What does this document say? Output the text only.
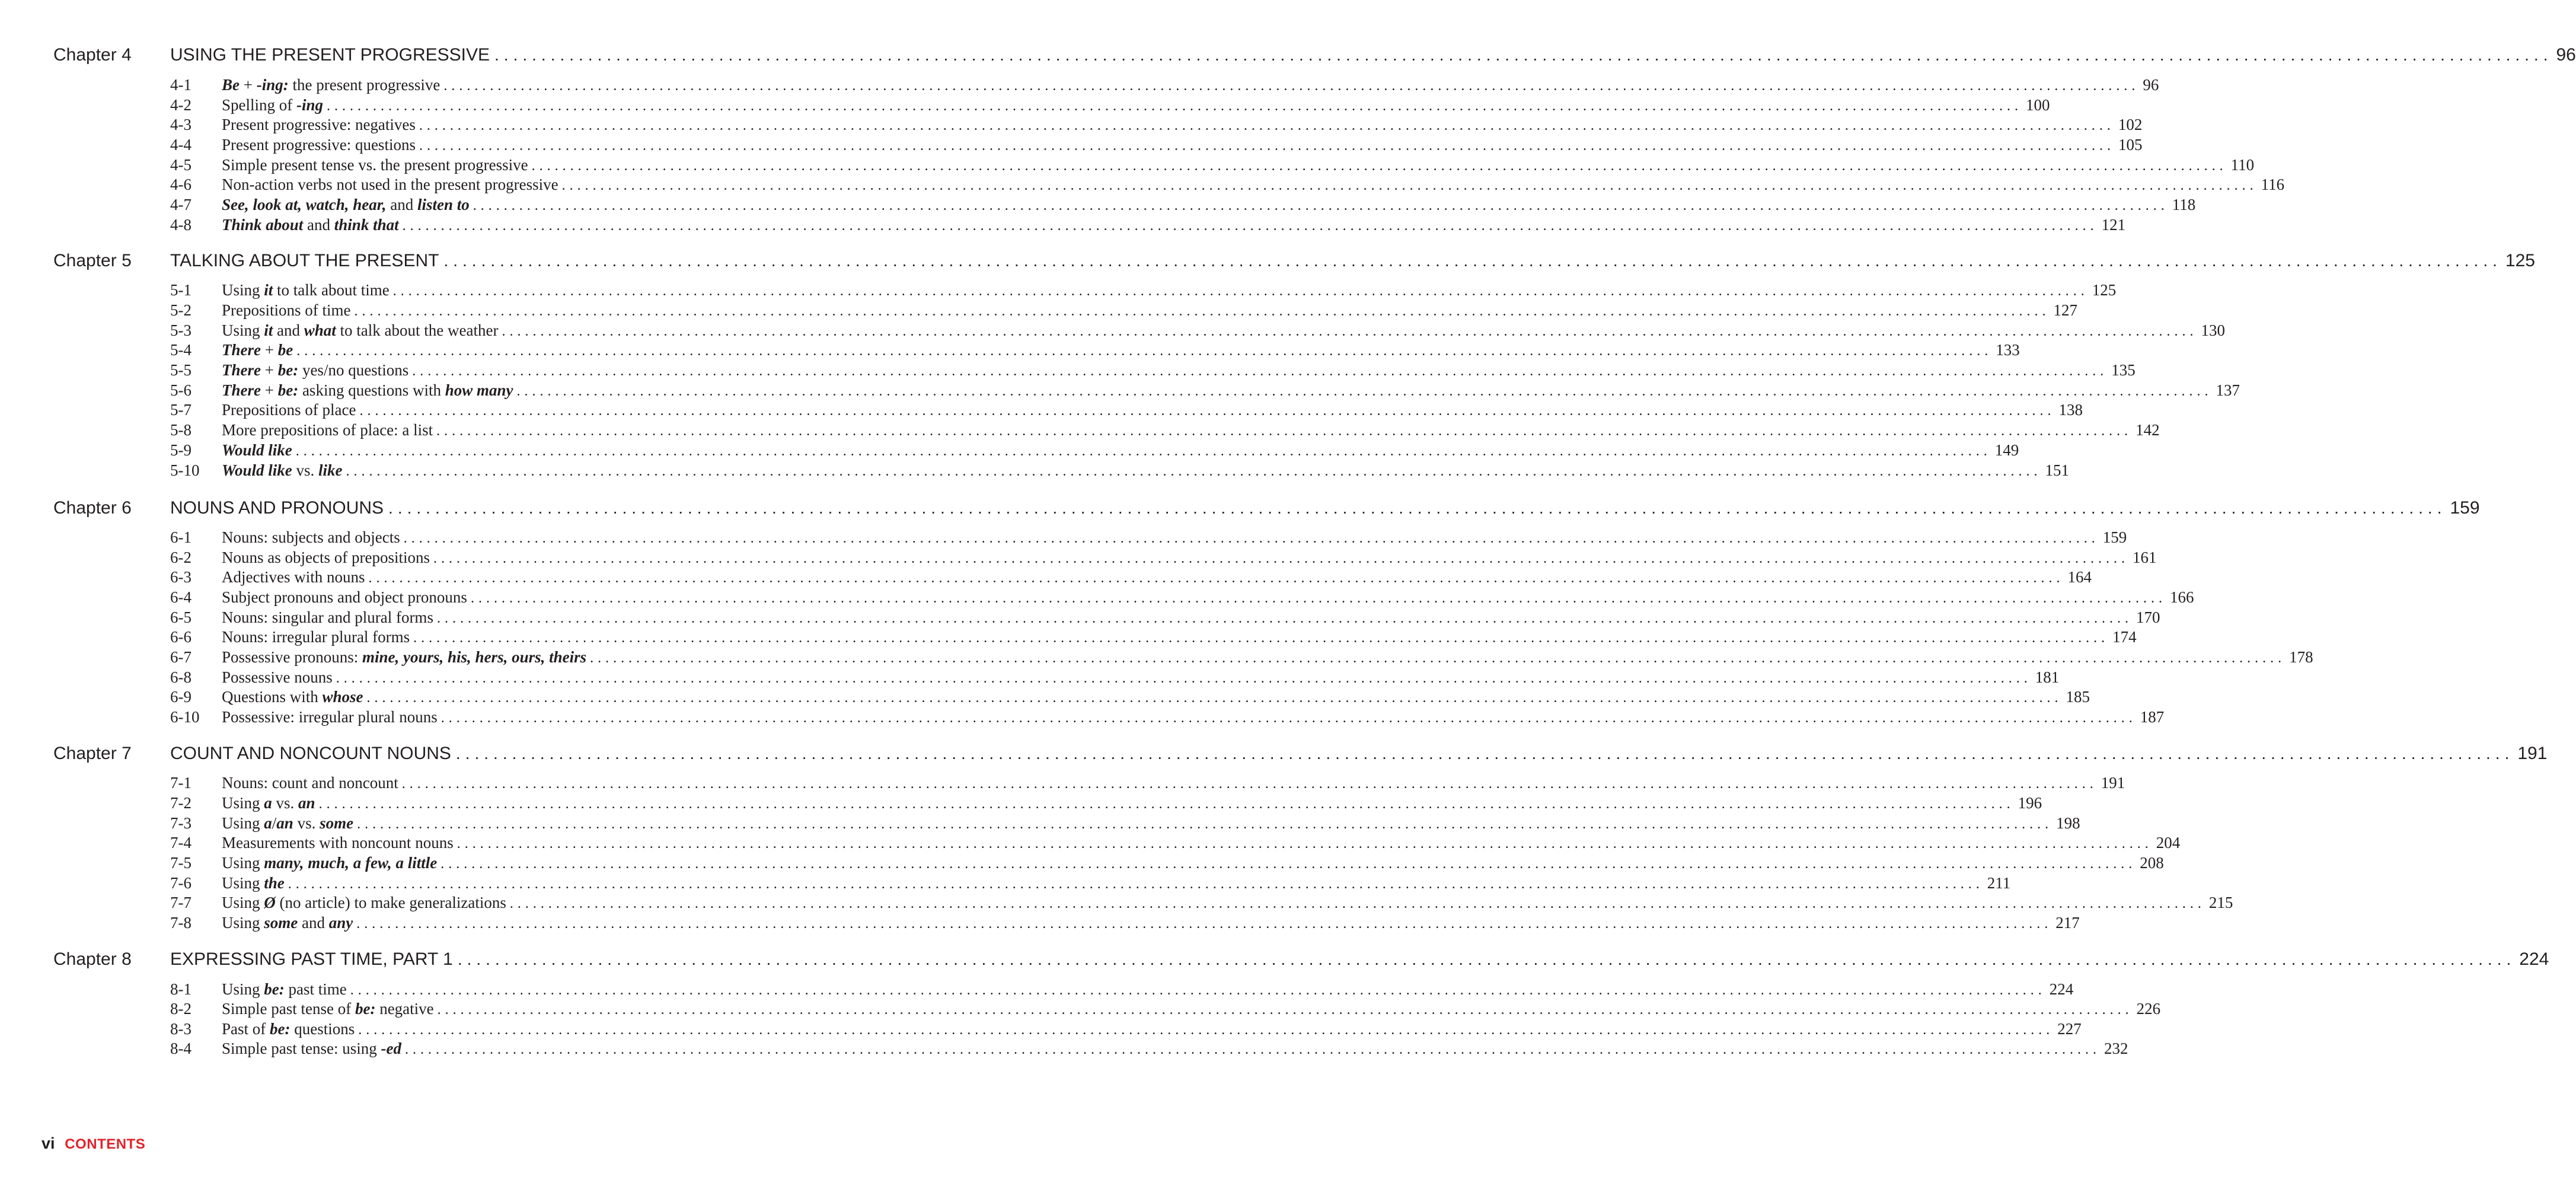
Chapter 4 USING THE PRESENT PROGRESSIVE ............................................................................................................................................................................................................................ 96
4-1 Be + -ing: the present progressive ............................................................................................................................................................................................................................ 96
4-2 Spelling of -ing ............................................................................................................................................................................................................................ 100
4-3 Present progressive: negatives ............................................................................................................................................................................................................................ 102
4-4 Present progressive: questions ............................................................................................................................................................................................................................ 105
4-5 Simple present tense vs. the present progressive ............................................................................................................................................................................................................................ 110
4-6 Non-action verbs not used in the present progressive ............................................................................................................................................................................................................................ 116
4-7 See, look at, watch, hear, and listen to ............................................................................................................................................................................................................................ 118
4-8 Think about and think that ............................................................................................................................................................................................................................ 121
Chapter 5 TALKING ABOUT THE PRESENT ............................................................................................................................................................................................................................ 125
5-1 Using it to talk about time ............................................................................................................................................................................................................................ 125
5-2 Prepositions of time ............................................................................................................................................................................................................................ 127
5-3 Using it and what to talk about the weather ............................................................................................................................................................................................................................ 130
5-4 There + be ............................................................................................................................................................................................................................ 133
5-5 There + be: yes/no questions ............................................................................................................................................................................................................................ 135
5-6 There + be: asking questions with how many ............................................................................................................................................................................................................................ 137
5-7 Prepositions of place ............................................................................................................................................................................................................................ 138
5-8 More prepositions of place: a list ............................................................................................................................................................................................................................ 142
5-9 Would like ............................................................................................................................................................................................................................ 149
5-10 Would like vs. like ............................................................................................................................................................................................................................ 151
Chapter 6 NOUNS AND PRONOUNS ............................................................................................................................................................................................................................ 159
6-1 Nouns: subjects and objects ............................................................................................................................................................................................................................ 159
6-2 Nouns as objects of prepositions ............................................................................................................................................................................................................................ 161
6-3 Adjectives with nouns ............................................................................................................................................................................................................................ 164
6-4 Subject pronouns and object pronouns ............................................................................................................................................................................................................................ 166
6-5 Nouns: singular and plural forms ............................................................................................................................................................................................................................ 170
6-6 Nouns: irregular plural forms ............................................................................................................................................................................................................................ 174
6-7 Possessive pronouns: mine, yours, his, hers, ours, theirs ............................................................................................................................................................................................................................ 178
6-8 Possessive nouns ............................................................................................................................................................................................................................ 181
6-9 Questions with whose ............................................................................................................................................................................................................................ 185
6-10 Possessive: irregular plural nouns ............................................................................................................................................................................................................................ 187
Chapter 7 COUNT AND NONCOUNT NOUNS ............................................................................................................................................................................................................................ 191
7-1 Nouns: count and noncount ............................................................................................................................................................................................................................ 191
7-2 Using a vs. an ............................................................................................................................................................................................................................ 196
7-3 Using a/an vs. some ............................................................................................................................................................................................................................ 198
7-4 Measurements with noncount nouns ............................................................................................................................................................................................................................ 204
7-5 Using many, much, a few, a little ............................................................................................................................................................................................................................ 208
7-6 Using the ............................................................................................................................................................................................................................ 211
7-7 Using Ø (no article) to make generalizations ............................................................................................................................................................................................................................ 215
7-8 Using some and any ............................................................................................................................................................................................................................ 217
Chapter 8 EXPRESSING PAST TIME, PART 1 ............................................................................................................................................................................................................................ 224
8-1 Using be: past time ............................................................................................................................................................................................................................ 224
8-2 Simple past tense of be: negative ............................................................................................................................................................................................................................ 226
8-3 Past of be: questions ............................................................................................................................................................................................................................ 227
8-4 Simple past tense: using -ed ............................................................................................................................................................................................................................ 232
vi CONTENTS
